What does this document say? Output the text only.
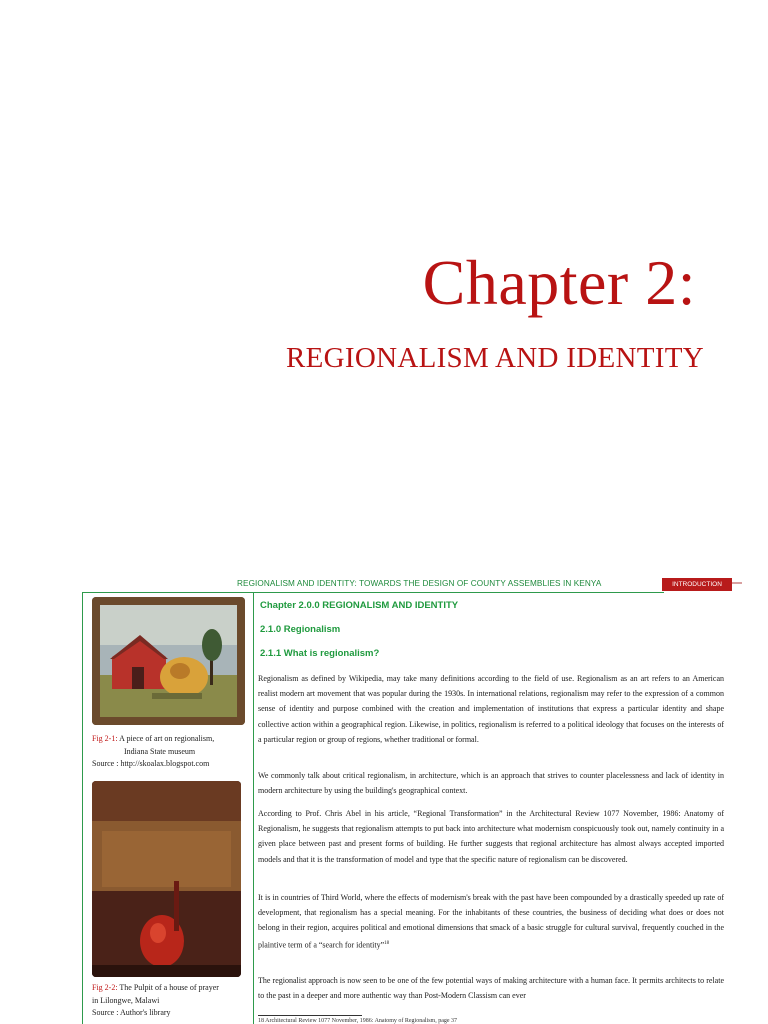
Chapter 2:
REGIONALISM AND IDENTITY
REGIONALISM AND IDENTITY: TOWARDS THE DESIGN OF COUNTY ASSEMBLIES IN KENYA	INTRODUCTION
Fig 2-1: A piece of art on regionalism,
Indiana State museum
Source : http://skoalax.blogspot.com
Fig 2-2: The Pulpit of a house of prayer
in Lilongwe, Malawi
Source : Author's library
Chapter 2.0.0 REGIONALISM AND IDENTITY
2.1.0 Regionalism
2.1.1 What is regionalism?

Regionalism as defined by Wikipedia, may take many definitions according to the field of use. Regionalism as an art refers to an American realist modern art movement that was popular during the 1930s. In international relations, regionalism may refer to the expression of a common sense of identity and purpose combined with the creation and implementation of institutions that express a particular identity and shape collective action within a geographical region. Likewise, in politics, regionalism is referred to a political ideology that focuses on the interests of a particular region or group of regions, whether traditional or formal.

We commonly talk about critical regionalism, in architecture, which is an approach that strives to counter placelessness and lack of identity in modern architecture by using the building's geographical context.

According to Prof. Chris Abel in his article, “Regional Transformation” in the Architectural Review 1077 November, 1986: Anatomy of Regionalism, he suggests that regionalism attempts to put back into architecture what modernism conspicuously took out, namely continuity in a given place between past and present forms of building. He further suggests that regional architecture has almost always accepted imported models and that it is the transformation of model and type that the specific nature of regionalism can be discovered.

It is in countries of Third World, where the effects of modernism's break with the past have been compounded by a drastically speeded up rate of development, that regionalism has a special meaning. For the inhabitants of these countries, the business of deciding what does or does not belong in their region, acquires political and emotional dimensions that smack of a basic struggle for cultural survival, frequently couched in the plaintive term of a “search for identity”$^{18}$

The regionalist approach is now seen to be one of the few potential ways of making architecture with a human face. It permits architects to relate to the past in a deeper and more authentic way than Post-Modern Classism can ever

18 Architectural Review 1077 November, 1986: Anatomy of Regionalism, page 37
